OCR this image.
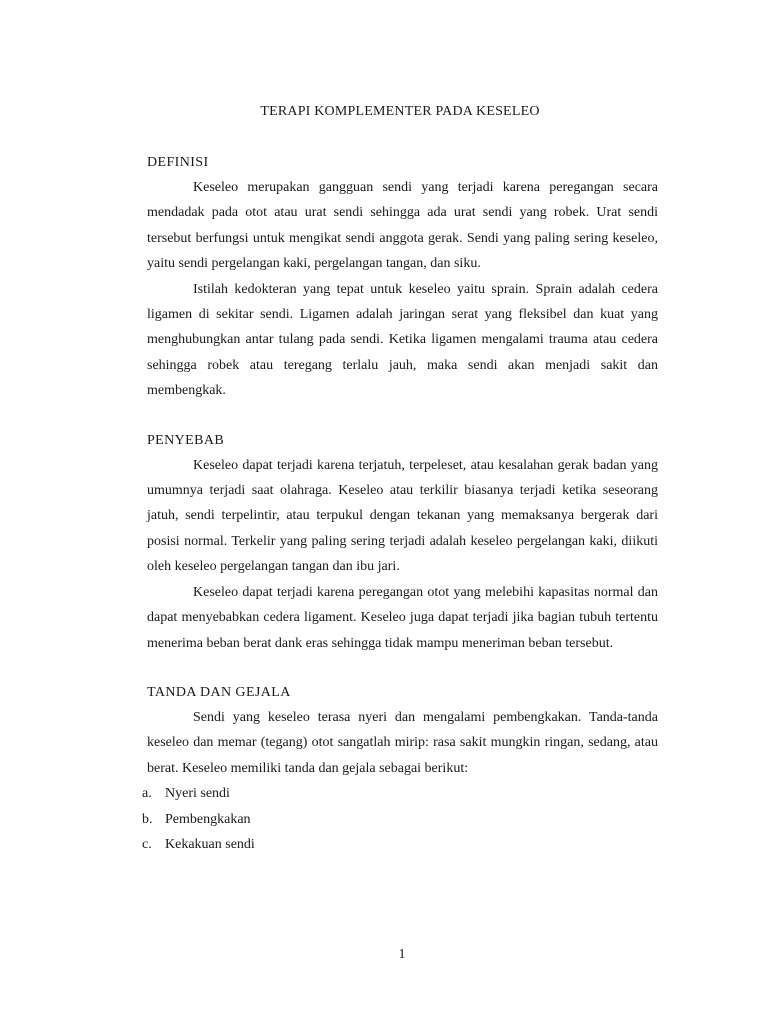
TERAPI KOMPLEMENTER PADA KESELEO
DEFINISI
Keseleo merupakan gangguan sendi yang terjadi karena peregangan secara mendadak pada otot atau urat sendi sehingga ada urat sendi yang robek. Urat sendi tersebut berfungsi untuk mengikat sendi anggota gerak. Sendi yang paling sering keseleo, yaitu sendi pergelangan kaki, pergelangan tangan, dan siku.
Istilah kedokteran yang tepat untuk keseleo yaitu sprain. Sprain adalah cedera ligamen di sekitar sendi. Ligamen adalah jaringan serat yang fleksibel dan kuat yang menghubungkan antar tulang pada sendi. Ketika ligamen mengalami trauma atau cedera sehingga robek atau teregang terlalu jauh, maka sendi akan menjadi sakit dan membengkak.
PENYEBAB
Keseleo dapat terjadi karena terjatuh, terpeleset, atau kesalahan gerak badan yang umumnya terjadi saat olahraga. Keseleo atau terkilir biasanya terjadi ketika seseorang jatuh, sendi terpelintir, atau terpukul dengan tekanan yang memaksanya bergerak dari posisi normal. Terkelir yang paling sering terjadi adalah keseleo pergelangan kaki, diikuti oleh keseleo pergelangan tangan dan ibu jari.
Keseleo dapat terjadi karena peregangan otot yang melebihi kapasitas normal dan dapat menyebabkan cedera ligament. Keseleo juga dapat terjadi jika bagian tubuh tertentu menerima beban berat dank eras sehingga tidak mampu meneriman beban tersebut.
TANDA DAN GEJALA
Sendi yang keseleo terasa nyeri dan mengalami pembengkakan. Tanda-tanda keseleo dan memar (tegang) otot sangatlah mirip: rasa sakit mungkin ringan, sedang, atau berat. Keseleo memiliki tanda dan gejala sebagai berikut:
a. Nyeri sendi
b. Pembengkakan
c. Kekakuan sendi
1
